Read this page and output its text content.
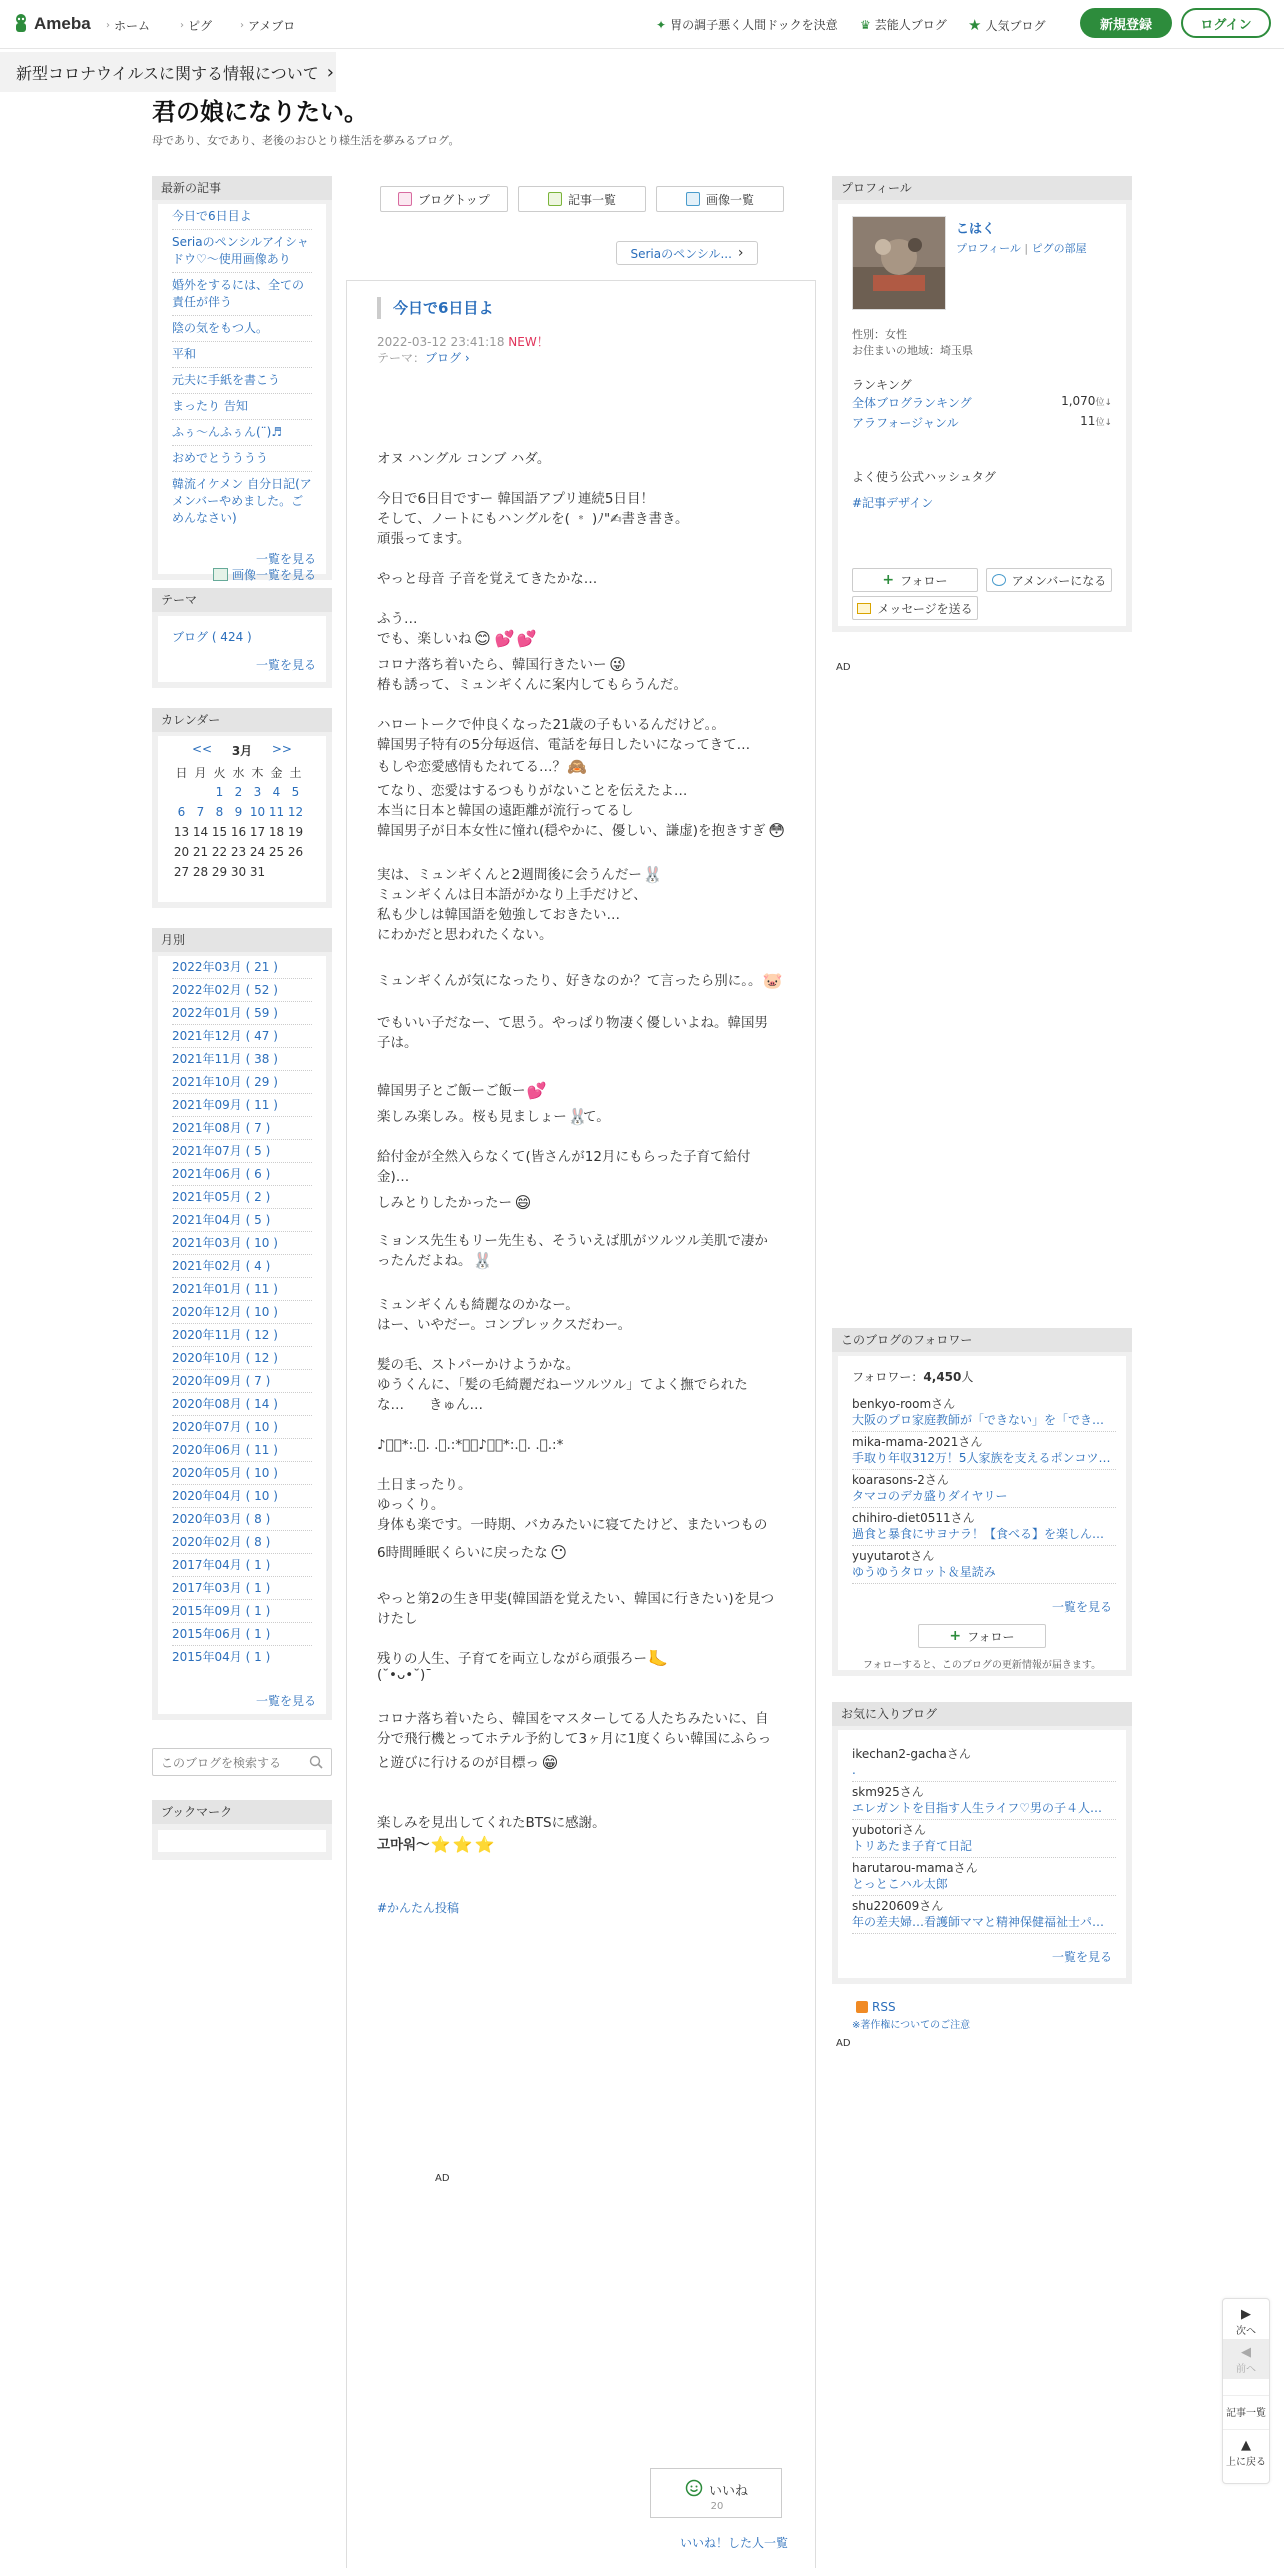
Ameba › ホーム	› ピグ	› アメブロ	✦ 胃の調子悪く人間ドックを決意 ♛ 芸能人ブログ ★ 人気ブログ	新規登録	ログイン
新型コロナウイルスに関する情報について ›
君の娘になりたい。
母であり、女であり、老後のおひとり様生活を夢みるブログ。
最新の記事
今日で6日目よ
Seriaのペンシルアイシャドウ♡〜使用画像あり
婚外をするには、全ての責任が伴う
陰の気をもつ人。
平和
元夫に手紙を書こう
まったり 告知
ふぅ〜んふぅん(¨)♬
おめでとうううう
韓流イケメン 自分日記(アメンバーやめました。ごめんなさい)
一覧を見る
画像一覧を見る
テーマ
ブログ ( 424 )
一覧を見る
カレンダー
<< 3月 >>
日	月	火	水	木	金	土
		1	2	3	4	5
6	7	8	9	10	11	12
13	14	15	16	17	18	19
20	21	22	23	24	25	26
27	28	29	30	31		
月別
2022年03月 ( 21 )
2022年02月 ( 52 )
2022年01月 ( 59 )
2021年12月 ( 47 )
2021年11月 ( 38 )
2021年10月 ( 29 )
2021年09月 ( 11 )
2021年08月 ( 7 )
2021年07月 ( 5 )
2021年06月 ( 6 )
2021年05月 ( 2 )
2021年04月 ( 5 )
2021年03月 ( 10 )
2021年02月 ( 4 )
2021年01月 ( 11 )
2020年12月 ( 10 )
2020年11月 ( 12 )
2020年10月 ( 12 )
2020年09月 ( 7 )
2020年08月 ( 14 )
2020年07月 ( 10 )
2020年06月 ( 11 )
2020年05月 ( 10 )
2020年04月 ( 10 )
2020年03月 ( 8 )
2020年02月 ( 8 )
2017年04月 ( 1 )
2017年03月 ( 1 )
2015年09月 ( 1 )
2015年06月 ( 1 )
2015年04月 ( 1 )
一覧を見る
このブログを検索する
ブックマーク
ブログトップ	記事一覧	画像一覧
Seriaのペンシル... ›
今日で6日目よ
2022-03-12 23:41:18 NEW！
テーマ：ブログ ›
オヌ ハングル コンブ ハダ。
今日で6日目ですー 韓国語アプリ連続5日目！
そして、ノートにもハングルを( ﹡ )ﾉ"✍書き書き。
頑張ってます。
やっと母音 子音を覚えてきたかな…
ふう…
でも、楽しいね 😊 💕 💕
コロナ落ち着いたら、韓国行きたいー 😜
椿も誘って、ミュンギくんに案内してもらうんだ。
ハロートークで仲良くなった21歳の子もいるんだけど。。
韓国男子特有の5分毎返信、電話を毎日したいになってきて…
もしや恋愛感情もたれてる…？🙈
てなり、恋愛はするつもりがないことを伝えたよ…
本当に日本と韓国の遠距離が流行ってるし
韓国男子が日本女性に憧れ(穏やかに、優しい、謙虚)を抱きすぎ 😳
実は、ミュンギくんと2週間後に会うんだー🐰
ミュンギくんは日本語がかなり上手だけど、
私も少しは韓国語を勉強しておきたい…
にわかだと思われたくない。
ミュンギくんが気になったり、好きなのか？て言ったら別に。。🐷
でもいい子だなー、て思う。やっぱり物凄く優しいよね。韓国男
子は。
韓国男子とご飯ーご飯ー💕
楽しみ楽しみ。桜も見ましょー🐰
て。
給付金が全然入らなくて(皆さんが12月にもらった子育て給付
金)…
しみとりしたかったー 😄
ミョンス先生もリー先生も、そういえば肌がツルツル美肌で凄か
ったんだよね。🐰
ミュンギくんも綺麗なのかなー。
はー、いやだー。コンプレックスだわー。
髪の毛、ストパーかけようかな。
ゆうくんに、「髪の毛綺麗だねーツルツル」てよく撫でられた
な… きゅん…
♪ﾟ･*:.｡. .｡.:*･゜♪ﾟ･*:.｡. .｡.:*
土日まったり。
ゆっくり。
身体も楽です。一時期、バカみたいに寝てたけど、またいつもの
6時間睡眠くらいに戻ったな 😶
やっと第2の生き甲斐(韓国語を覚えたい、韓国に行きたい)を見つ
けたし
残りの人生、子育てを両立しながら頑張ろー🦶
(˘•ᴗ•˘)ˉ
コロナ落ち着いたら、韓国をマスターしてる人たちみたいに、自
分で飛行機とってホテル予約して3ヶ月に1度くらい韓国にふらっ
と遊びに行けるのが目標っ 😁
楽しみを見出してくれたBTSに感謝。
고마워〜⭐ ⭐ ⭐
#かんたん投稿
AD
いいね
20
いいね！した人一覧
プロフィール
こはく
プロフィール | ピグの部屋
性別：女性
お住まいの地域：埼玉県
ランキング
全体ブログランキング	1,070位↓
アラフォージャンル	11位↓
よく使う公式ハッシュタグ
#記事デザイン
+ フォロー	アメンバーになる
メッセージを送る
AD
このブログのフォロワー
フォロワー：4,450人
benkyo-roomさん
大阪のプロ家庭教師が「できない」を「でき…
mika-mama-2021さん
手取り年収312万！5人家族を支えるポンコツ…
koarasons-2さん
タマコのデカ盛りダイヤリー
chihiro-diet0511さん
過食と暴食にサヨナラ！【食べる】を楽しん…
yuyutarotさん
ゆうゆうタロット＆星読み
一覧を見る
+ フォロー
フォローすると、このブログの更新情報が届きます。
お気に入りブログ
ikechan2-gachaさん
.
skm925さん
エレガントを目指す人生ライフ♡男の子４人…
yubotoriさん
トリあたま子育て日記
harutarou-mamaさん
とっとこハル太郎
shu220609さん
年の差夫婦…看護師ママと精神保健福祉士パ…
一覧を見る
RSS
※著作権についてのご注意
AD
▶
次へ
◀
前へ
記事一覧
▲
上に戻る
